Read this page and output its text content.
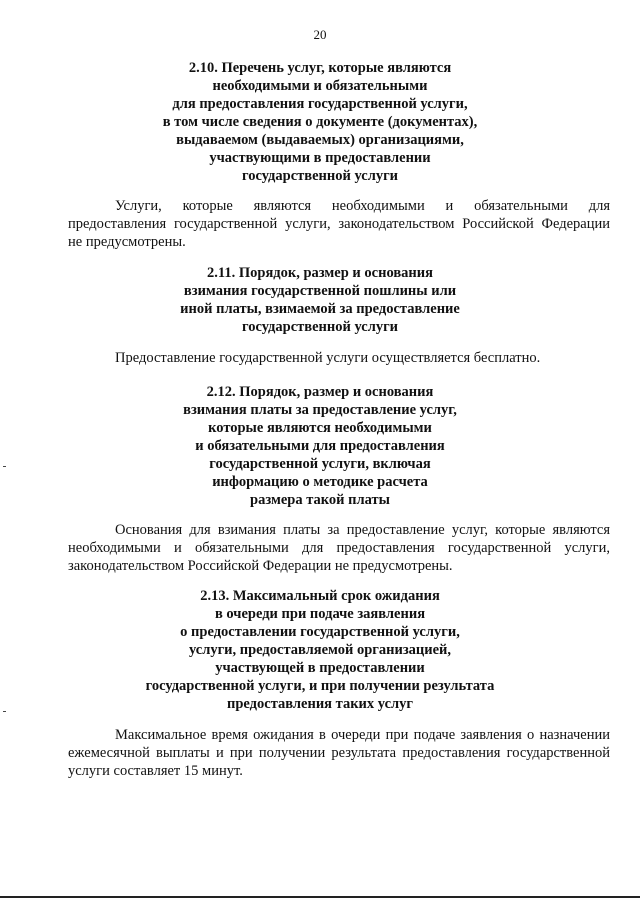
20
2.10. Перечень услуг, которые являются
необходимыми и обязательными
для предоставления государственной услуги,
в том числе сведения о документе (документах),
выдаваемом (выдаваемых) организациями,
участвующими в предоставлении
государственной услуги
Услуги, которые являются необходимыми и обязательными для
предоставления государственной услуги, законодательством Российской Федерации
не предусмотрены.
2.11. Порядок, размер и основания
взимания государственной пошлины или
иной платы, взимаемой за предоставление
государственной услуги
Предоставление государственной услуги осуществляется бесплатно.
2.12. Порядок, размер и основания
взимания платы за предоставление услуг,
которые являются необходимыми
и обязательными для предоставления
государственной услуги, включая
информацию о методике расчета
размера такой платы
Основания для взимания платы за предоставление услуг, которые являются
необходимыми и обязательными для предоставления государственной услуги,
законодательством Российской Федерации не предусмотрены.
2.13. Максимальный срок ожидания
в очереди при подаче заявления
о предоставлении государственной услуги,
услуги, предоставляемой организацией,
участвующей в предоставлении
государственной услуги, и при получении результата
предоставления таких услуг
Максимальное время ожидания в очереди при подаче заявления о назначении
ежемесячной выплаты и при получении результата предоставления государственной
услуги составляет 15 минут.
